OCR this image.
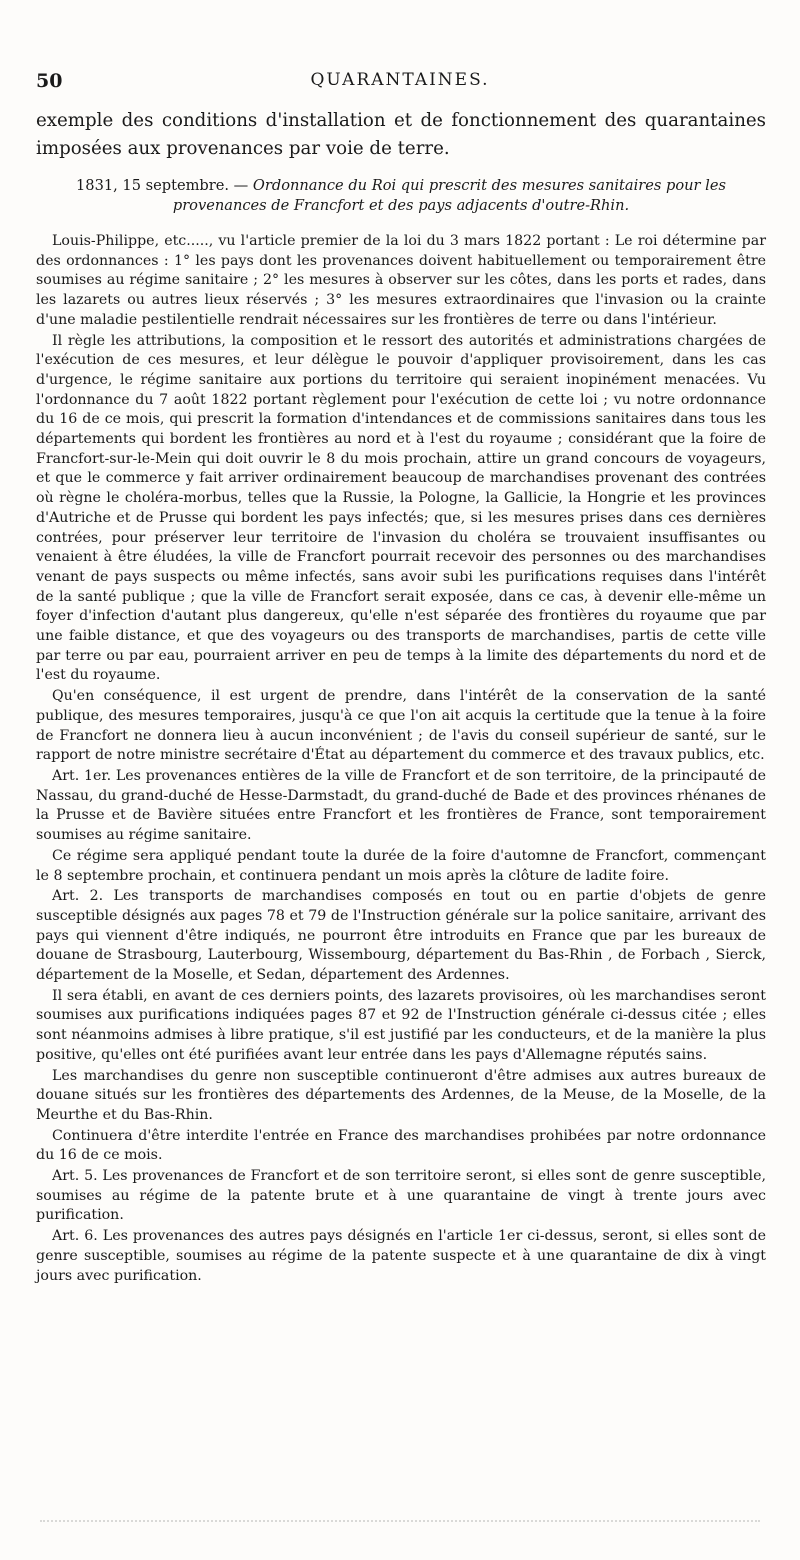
50	QUARANTAINES.
exemple des conditions d'installation et de fonctionnement des quarantaines imposées aux provenances par voie de terre.
1831, 15 septembre. — Ordonnance du Roi qui prescrit des mesures sanitaires pour les provenances de Francfort et des pays adjacents d'outre-Rhin.

Louis-Philippe, etc....., vu l'article premier de la loi du 3 mars 1822 portant : Le roi détermine par des ordonnances : 1° les pays dont les provenances doivent habituellement ou temporairement être soumises au régime sanitaire ; 2° les mesures à observer sur les côtes, dans les ports et rades, dans les lazarets ou autres lieux réservés ; 3° les mesures extraordinaires que l'invasion ou la crainte d'une maladie pestilentielle rendrait nécessaires sur les frontières de terre ou dans l'intérieur.

Il règle les attributions, la composition et le ressort des autorités et administrations chargées de l'exécution de ces mesures, et leur délègue le pouvoir d'appliquer provisoirement, dans les cas d'urgence, le régime sanitaire aux portions du territoire qui seraient inopinément menacées. Vu l'ordonnance du 7 août 1822 portant règlement pour l'exécution de cette loi ; vu notre ordonnance du 16 de ce mois, qui prescrit la formation d'intendances et de commissions sanitaires dans tous les départements qui bordent les frontières au nord et à l'est du royaume ; considérant que la foire de Francfort-sur-le-Mein qui doit ouvrir le 8 du mois prochain, attire un grand concours de voyageurs, et que le commerce y fait arriver ordinairement beaucoup de marchandises provenant des contrées où règne le choléra-morbus, telles que la Russie, la Pologne, la Gallicie, la Hongrie et les provinces d'Autriche et de Prusse qui bordent les pays infectés; que, si les mesures prises dans ces dernières contrées, pour préserver leur territoire de l'invasion du choléra se trouvaient insuffisantes ou venaient à être éludées, la ville de Francfort pourrait recevoir des personnes ou des marchandises venant de pays suspects ou même infectés, sans avoir subi les purifications requises dans l'intérêt de la santé publique ; que la ville de Francfort serait exposée, dans ce cas, à devenir elle-même un foyer d'infection d'autant plus dangereux, qu'elle n'est séparée des frontières du royaume que par une faible distance, et que des voyageurs ou des transports de marchandises, partis de cette ville par terre ou par eau, pourraient arriver en peu de temps à la limite des départements du nord et de l'est du royaume.

Qu'en conséquence, il est urgent de prendre, dans l'intérêt de la conservation de la santé publique, des mesures temporaires, jusqu'à ce que l'on ait acquis la certitude que la tenue à la foire de Francfort ne donnera lieu à aucun inconvénient ; de l'avis du conseil supérieur de santé, sur le rapport de notre ministre secrétaire d'État au département du commerce et des travaux publics, etc.

Art. 1er. Les provenances entières de la ville de Francfort et de son territoire, de la principauté de Nassau, du grand-duché de Hesse-Darmstadt, du grand-duché de Bade et des provinces rhénanes de la Prusse et de Bavière situées entre Francfort et les frontières de France, sont temporairement soumises au régime sanitaire.

Ce régime sera appliqué pendant toute la durée de la foire d'automne de Francfort, commençant le 8 septembre prochain, et continuera pendant un mois après la clôture de ladite foire.

Art. 2. Les transports de marchandises composés en tout ou en partie d'objets de genre susceptible désignés aux pages 78 et 79 de l'Instruction générale sur la police sanitaire, arrivant des pays qui viennent d'être indiqués, ne pourront être introduits en France que par les bureaux de douane de Strasbourg, Lauterbourg, Wissembourg, département du Bas-Rhin , de Forbach , Sierck, département de la Moselle, et Sedan, département des Ardennes.

Il sera établi, en avant de ces derniers points, des lazarets provisoires, où les marchandises seront soumises aux purifications indiquées pages 87 et 92 de l'Instruction générale ci-dessus citée ; elles sont néanmoins admises à libre pratique, s'il est justifié par les conducteurs, et de la manière la plus positive, qu'elles ont été purifiées avant leur entrée dans les pays d'Allemagne réputés sains.

Les marchandises du genre non susceptible continueront d'être admises aux autres bureaux de douane situés sur les frontières des départements des Ardennes, de la Meuse, de la Moselle, de la Meurthe et du Bas-Rhin.

Continuera d'être interdite l'entrée en France des marchandises prohibées par notre ordonnance du 16 de ce mois.

Art. 5. Les provenances de Francfort et de son territoire seront, si elles sont de genre susceptible, soumises au régime de la patente brute et à une quarantaine de vingt à trente jours avec purification.

Art. 6. Les provenances des autres pays désignés en l'article 1er ci-dessus, seront, si elles sont de genre susceptible, soumises au régime de la patente suspecte et à une quarantaine de dix à vingt jours avec purification.
